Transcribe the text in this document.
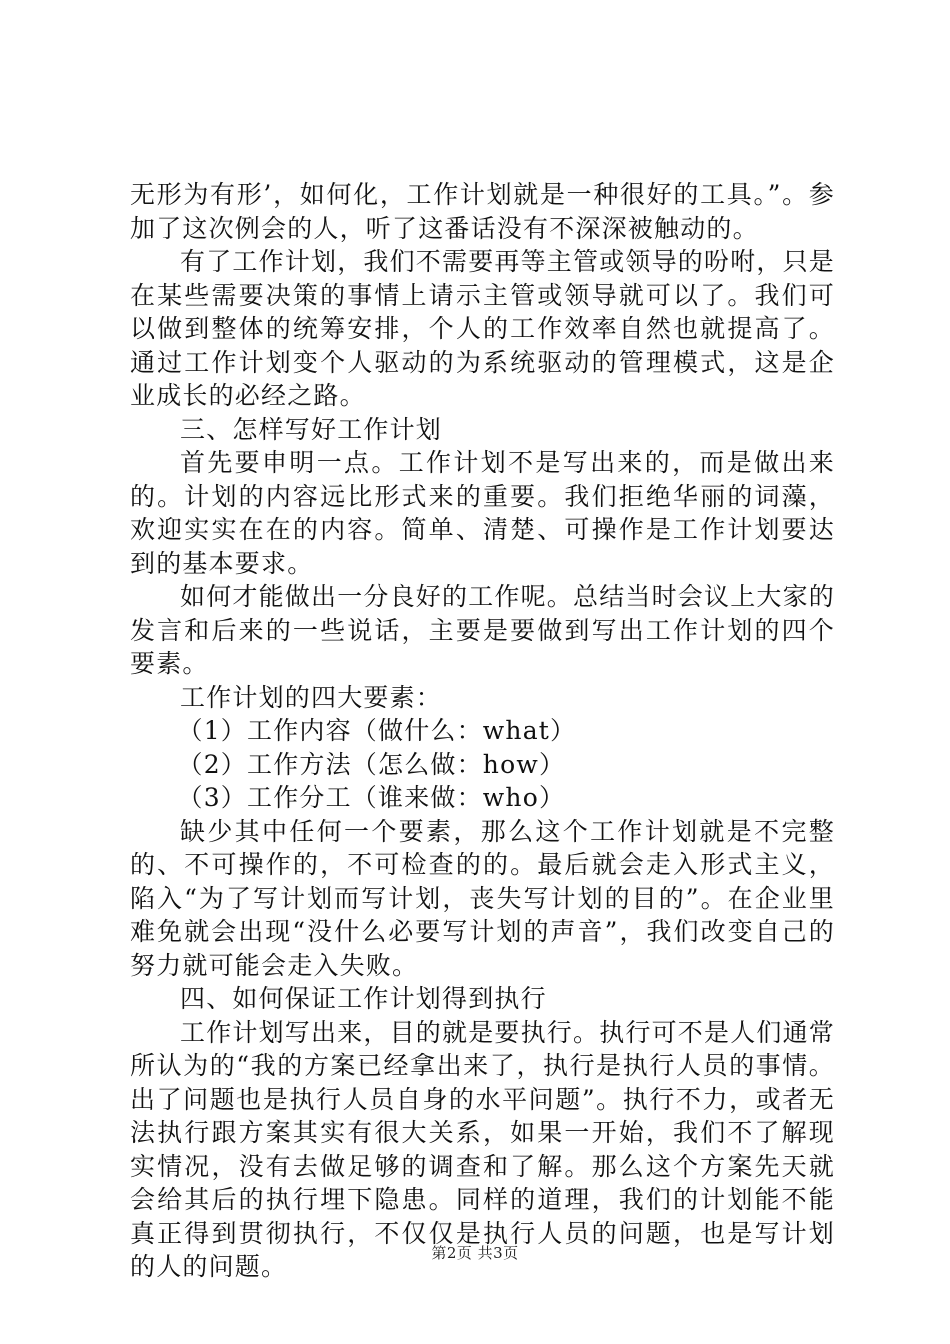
无形为有形’，如何化，工作计划就是一种很好的工具。”。参加了这次例会的人，听了这番话没有不深深被触动的。

有了工作计划，我们不需要再等主管或领导的吩咐，只是在某些需要决策的事情上请示主管或领导就可以了。我们可以做到整体的统筹安排，个人的工作效率自然也就提高了。通过工作计划变个人驱动的为系统驱动的管理模式，这是企业成长的必经之路。

三、怎样写好工作计划

首先要申明一点。工作计划不是写出来的，而是做出来的。计划的内容远比形式来的重要。我们拒绝华丽的词藻，欢迎实实在在的内容。简单、清楚、可操作是工作计划要达到的基本要求。

如何才能做出一分良好的工作呢。总结当时会议上大家的发言和后来的一些说话，主要是要做到写出工作计划的四个要素。

工作计划的四大要素：

（1）工作内容（做什么：what）

（2）工作方法（怎么做：how）

（3）工作分工（谁来做：who）

缺少其中任何一个要素，那么这个工作计划就是不完整的、不可操作的，不可检查的的。最后就会走入形式主义，陷入“为了写计划而写计划，丧失写计划的目的”。在企业里难免就会出现“没什么必要写计划的声音”，我们改变自己的努力就可能会走入失败。

四、如何保证工作计划得到执行

工作计划写出来，目的就是要执行。执行可不是人们通常所认为的“我的方案已经拿出来了，执行是执行人员的事情。出了问题也是执行人员自身的水平问题”。执行不力，或者无法执行跟方案其实有很大关系，如果一开始，我们不了解现实情况，没有去做足够的调查和了解。那么这个方案先天就会给其后的执行埋下隐患。同样的道理，我们的计划能不能真正得到贯彻执行，不仅仅是执行人员的问题，也是写计划的人的问题。	第2页 共3页
